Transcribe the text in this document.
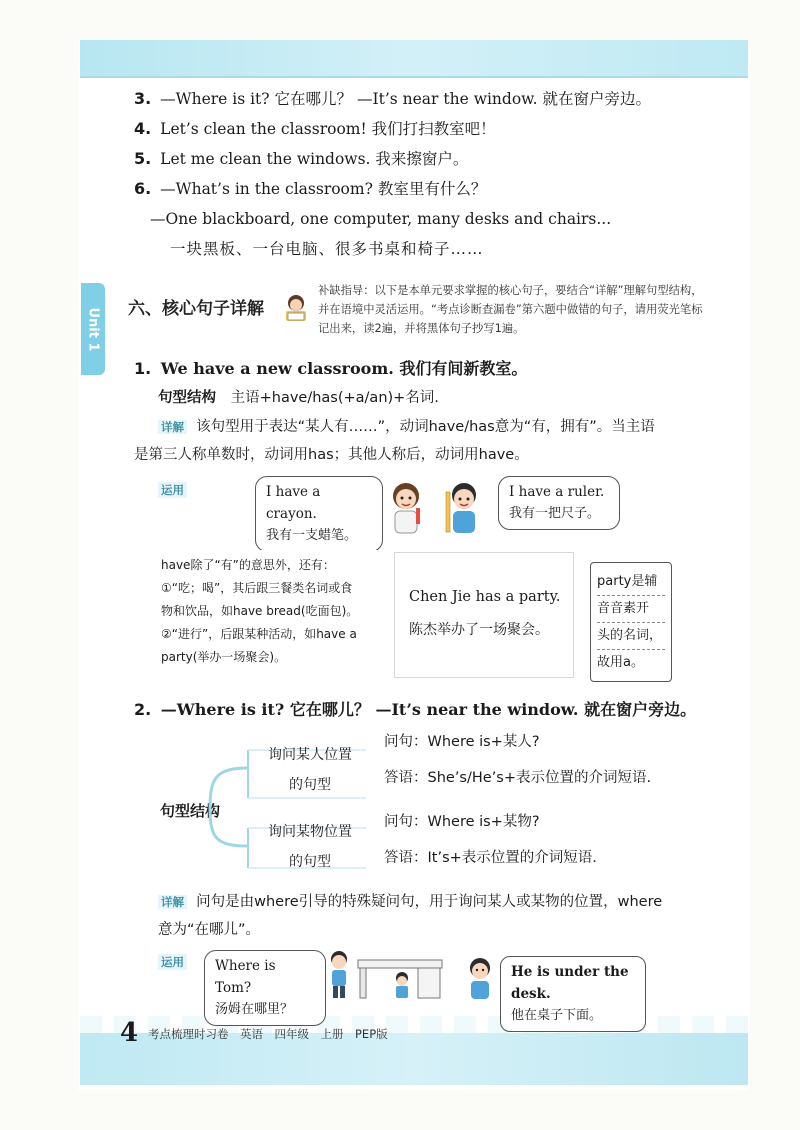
Unit 1
3. —Where is it? 它在哪儿？ —It’s near the window. 就在窗户旁边。
4. Let’s clean the classroom! 我们打扫教室吧！
5. Let me clean the windows. 我来擦窗户。
6. —What’s in the classroom? 教室里有什么？
—One blackboard, one computer, many desks and chairs...
一块黑板、一台电脑、很多书桌和椅子……
六、核心句子详解
补缺指导：以下是本单元要求掌握的核心句子，要结合“详解”理解句型结构，并在语境中灵活运用。“考点诊断查漏卷”第六题中做错的句子，请用荧光笔标记出来，读2遍，并将黑体句子抄写1遍。
1. We have a new classroom. 我们有间新教室。
句型结构 主语+have/has(+a/an)+名词.
详解 该句型用于表达“某人有……”，动词have/has意为“有，拥有”。当主语
是第三人称单数时，动词用has；其他人称后，动词用have。
运用	I have a crayon.
我有一支蜡笔。
I have a ruler.
我有一把尺子。
have除了“有”的意思外，还有：
①“吃；喝”，其后跟三餐类名词或食
物和饮品，如have bread(吃面包)。
②“进行”，后跟某种活动，如have a
party(举办一场聚会)。
Chen Jie has a party.
陈杰举办了一场聚会。
party是辅
音音素开
头的名词，
故用a。
2. —Where is it? 它在哪儿？ —It’s near the window. 就在窗户旁边。
句型结构
询问某人位置
的句型
询问某物位置
的句型
问句：Where is+某人?
答语：She’s/He’s+表示位置的介词短语.
问句：Where is+某物?
答语：It’s+表示位置的介词短语.
详解 问句是由where引导的特殊疑问句，用于询问某人或某物的位置，where
意为“在哪儿”。
运用 Where is Tom?
汤姆在哪里？
He is under the desk.
他在桌子下面。
4 考点梳理时习卷　英语　四年级　上册　PEP版
